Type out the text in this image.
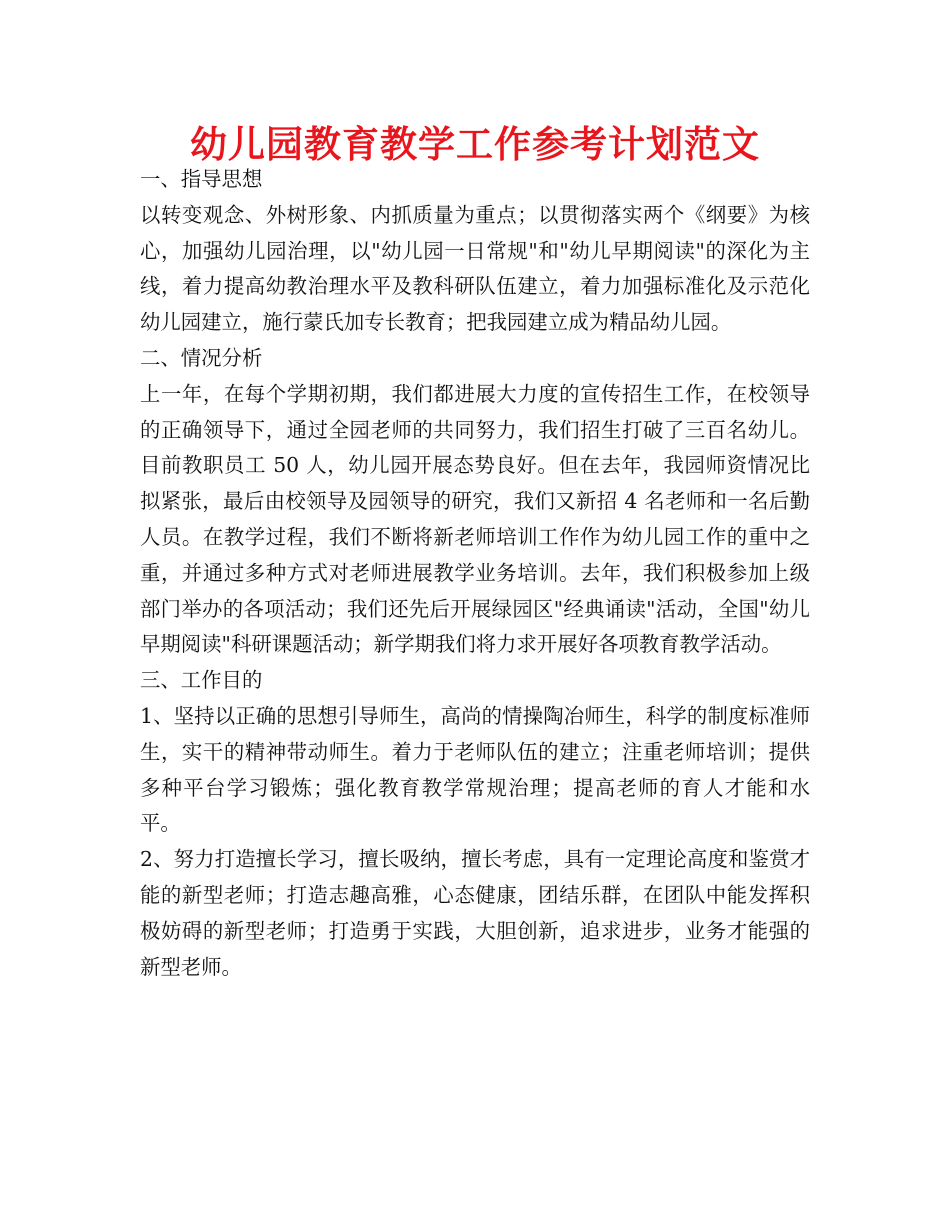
幼儿园教育教学工作参考计划范文

一、指导思想

以转变观念、外树形象、内抓质量为重点；以贯彻落实两个《纲要》为核心，加强幼儿园治理，以"幼儿园一日常规"和"幼儿早期阅读"的深化为主线，着力提高幼教治理水平及教科研队伍建立，着力加强标准化及示范化幼儿园建立，施行蒙氏加专长教育；把我园建立成为精品幼儿园。

二、情况分析

上一年，在每个学期初期，我们都进展大力度的宣传招生工作，在校领导的正确领导下，通过全园老师的共同努力，我们招生打破了三百名幼儿。目前教职员工 50 人，幼儿园开展态势良好。但在去年，我园师资情况比拟紧张，最后由校领导及园领导的研究，我们又新招 4 名老师和一名后勤人员。在教学过程，我们不断将新老师培训工作作为幼儿园工作的重中之重，并通过多种方式对老师进展教学业务培训。去年，我们积极参加上级部门举办的各项活动；我们还先后开展绿园区"经典诵读"活动，全国"幼儿早期阅读"科研课题活动；新学期我们将力求开展好各项教育教学活动。

三、工作目的

1、坚持以正确的思想引导师生，高尚的情操陶冶师生，科学的制度标准师生，实干的精神带动师生。着力于老师队伍的建立；注重老师培训；提供多种平台学习锻炼；强化教育教学常规治理；提高老师的育人才能和水平。

2、努力打造擅长学习，擅长吸纳，擅长考虑，具有一定理论高度和鉴赏才能的新型老师；打造志趣高雅，心态健康，团结乐群，在团队中能发挥积极妨碍的新型老师；打造勇于实践，大胆创新，追求进步，业务才能强的新型老师。
